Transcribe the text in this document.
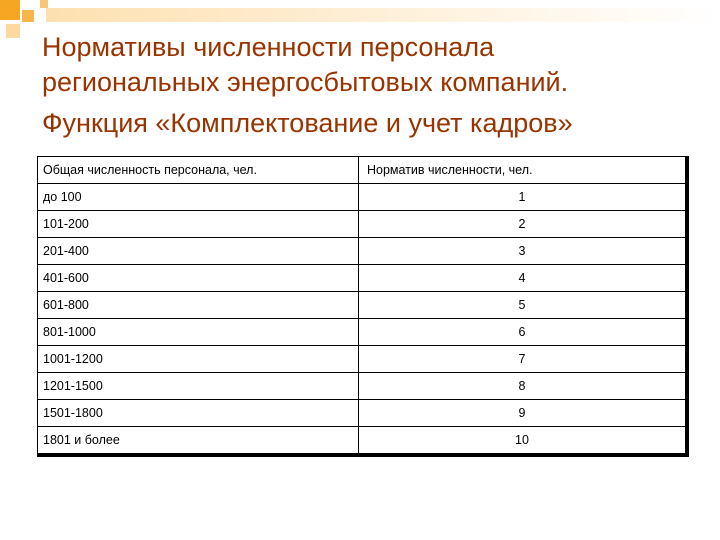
Нормативы численности персонала
региональных энергосбытовых компаний.
Функция «Комплектование и учет кадров»
Общая численность персонала, чел.	Норматив численности, чел.
до 100	1
101-200	2
201-400	3
401-600	4
601-800	5
801-1000	6
1001-1200	7
1201-1500	8
1501-1800	9
1801 и более	10
